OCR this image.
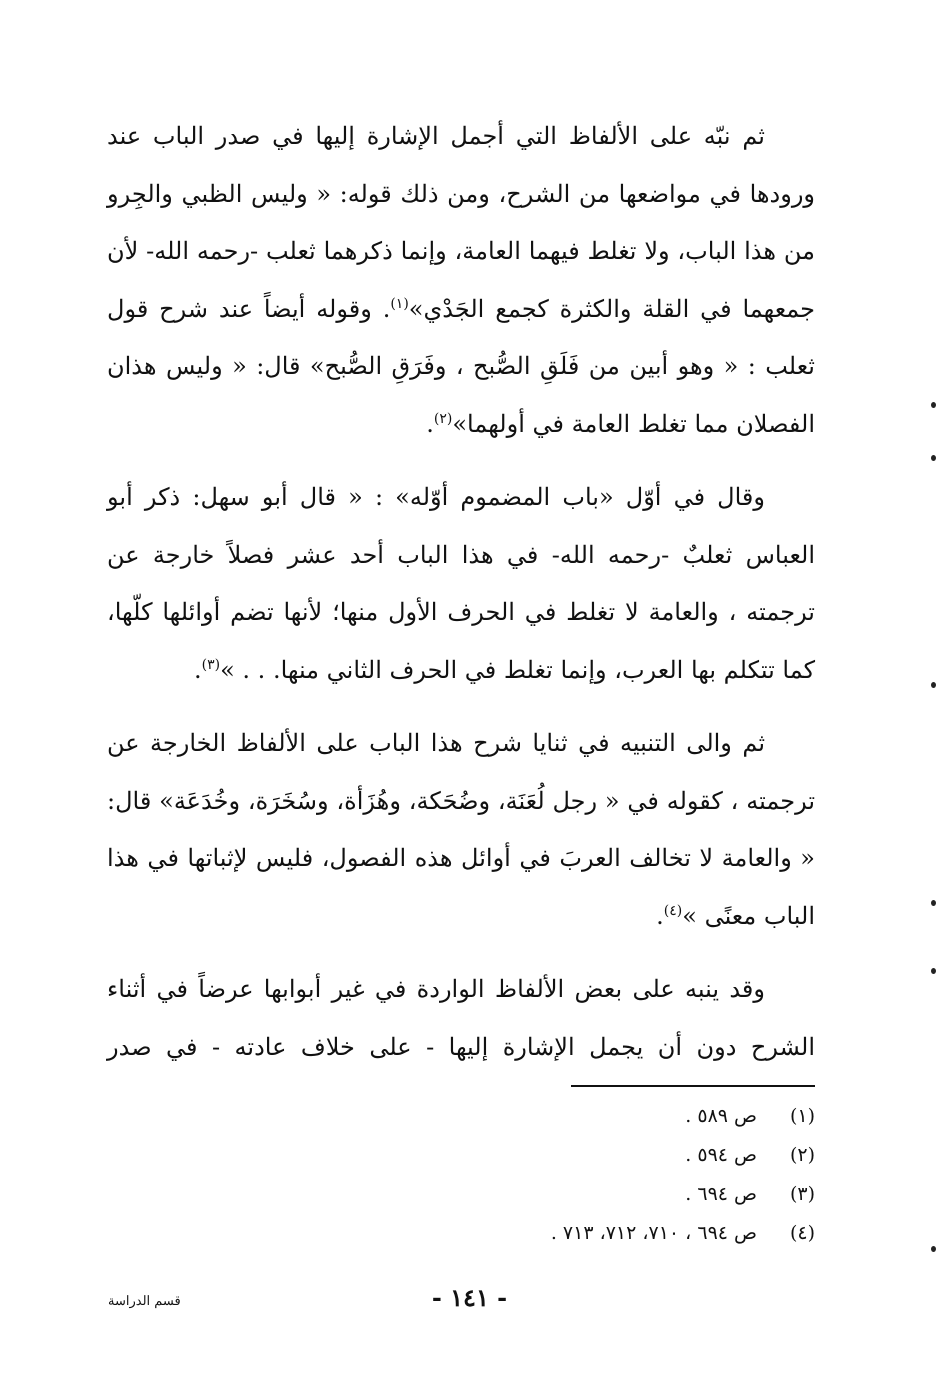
ثم نبّه على الألفاظ التي أجمل الإشارة إليها في صدر الباب عند ورودها في مواضعها من الشرح، ومن ذلك قوله: « وليس الظبي والجِرو من هذا الباب، ولا تغلط فيهما العامة، وإنما ذكرهما ثعلب -رحمه الله- لأن جمعهما في القلة والكثرة كجمع الجَدْي»$^{(١)}$. وقوله أيضاً عند شرح قول ثعلب : « وهو أبين من فَلَقِ الصُّبح ، وفَرَقِ الصُّبح» قال: « وليس هذان الفصلان مما تغلط العامة في أولهما»$^{(٢)}$.

وقال في أوّل «باب المضموم أوّله» : « قال أبو سهل: ذكر أبو العباس ثعلبٌ -رحمه الله- في هذا الباب أحد عشر فصلاً خارجة عن ترجمته ، والعامة لا تغلط في الحرف الأول منها؛ لأنها تضم أوائلها كلّها، كما تتكلم بها العرب، وإنما تغلط في الحرف الثاني منها. . . »$^{(٣)}$.

ثم والى التنبيه في ثنايا شرح هذا الباب على الألفاظ الخارجة عن ترجمته ، كقوله في « رجل لُعَنَة، وضُحَكة، وهُزَأة، وسُخَرَة، وخُدَعَة» قال: « والعامة لا تخالف العربَ في أوائل هذه الفصول، فليس لإثباتها في هذا الباب معنًى »$^{(٤)}$.

وقد ينبه على بعض الألفاظ الواردة في غير أبوابها عرضاً في أثناء الشرح دون أن يجمل الإشارة إليها - على خلاف عادته - في صدر

(١)
ص ٥٨٩ .
(٢)
ص ٥٩٤ .
(٣)
ص ٦٩٤ .
(٤)
ص ٦٩٤ ، ٧١٠، ٧١٢، ٧١٣ .
- ١٤١ -
قسم الدراسة
